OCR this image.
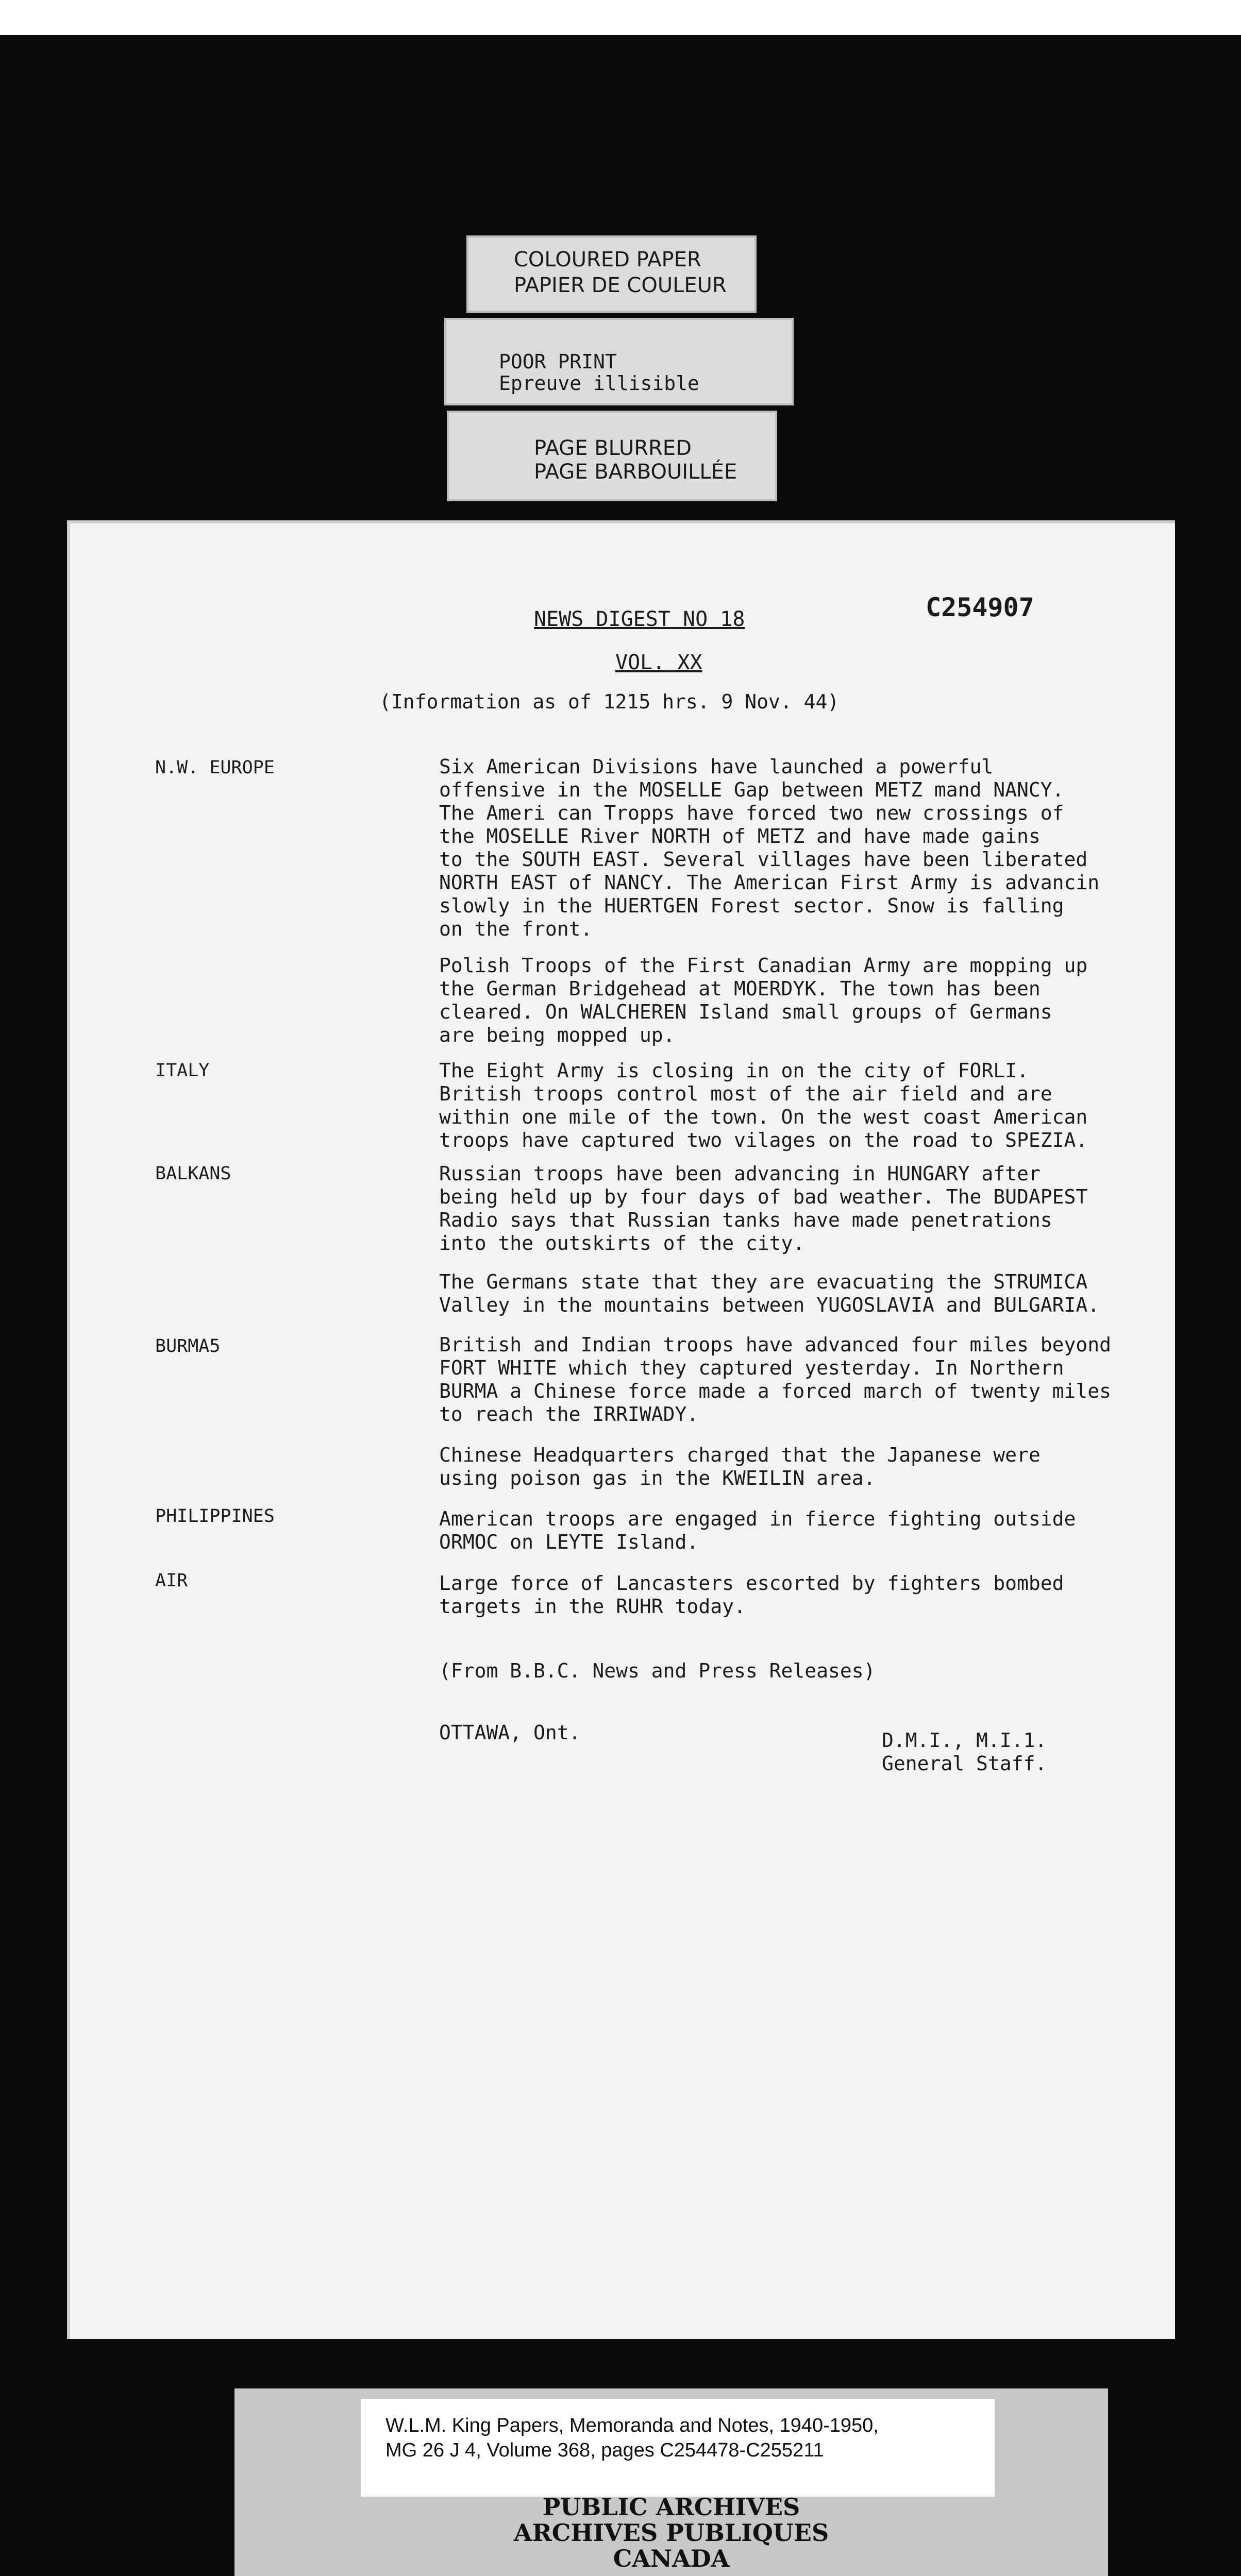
COLOURED PAPER
PAPIER DE COULEUR
POOR PRINT
Epreuve illisible
PAGE BLURRED
PAGE BARBOUILLÉE
NEWS DIGEST NO 18	C254907
VOL. XX
(Information as of 1215 hrs. 9 Nov. 44)
N.W. EUROPE	Six American Divisions have launched a powerful
offensive in the MOSELLE Gap between METZ mand NANCY.
The Ameri can Tropps have forced two new crossings of
the MOSELLE River NORTH of METZ and have made gains
to the SOUTH EAST. Several villages have been liberated
NORTH EAST of NANCY. The American First Army is advancin
slowly in the HUERTGEN Forest sector. Snow is falling
on the front.
Polish Troops of the First Canadian Army are mopping up
the German Bridgehead at MOERDYK. The town has been
cleared. On WALCHEREN Island small groups of Germans
are being mopped up.
ITALY	The Eight Army is closing in on the city of FORLI.
British troops control most of the air field and are
within one mile of the town. On the west coast American
troops have captured two vilages on the road to SPEZIA.
BALKANS	Russian troops have been advancing in HUNGARY after
being held up by four days of bad weather. The BUDAPEST
Radio says that Russian tanks have made penetrations
into the outskirts of the city.
The Germans state that they are evacuating the STRUMICA
Valley in the mountains between YUGOSLAVIA and BULGARIA.
BURMA5	British and Indian troops have advanced four miles beyond
FORT WHITE which they captured yesterday. In Northern
BURMA a Chinese force made a forced march of twenty miles
to reach the IRRIWADY.
Chinese Headquarters charged that the Japanese were
using poison gas in the KWEILIN area.
PHILIPPINES	American troops are engaged in fierce fighting outside
ORMOC on LEYTE Island.
AIR	Large force of Lancasters escorted by fighters bombed
targets in the RUHR today.
(From B.B.C. News and Press Releases)
OTTAWA, Ont.	D.M.I., M.I.1.
General Staff.
W.L.M. King Papers, Memoranda and Notes, 1940-1950,
MG 26 J 4, Volume 368, pages C254478-C255211
PUBLIC ARCHIVES
ARCHIVES PUBLIQUES
CANADA
